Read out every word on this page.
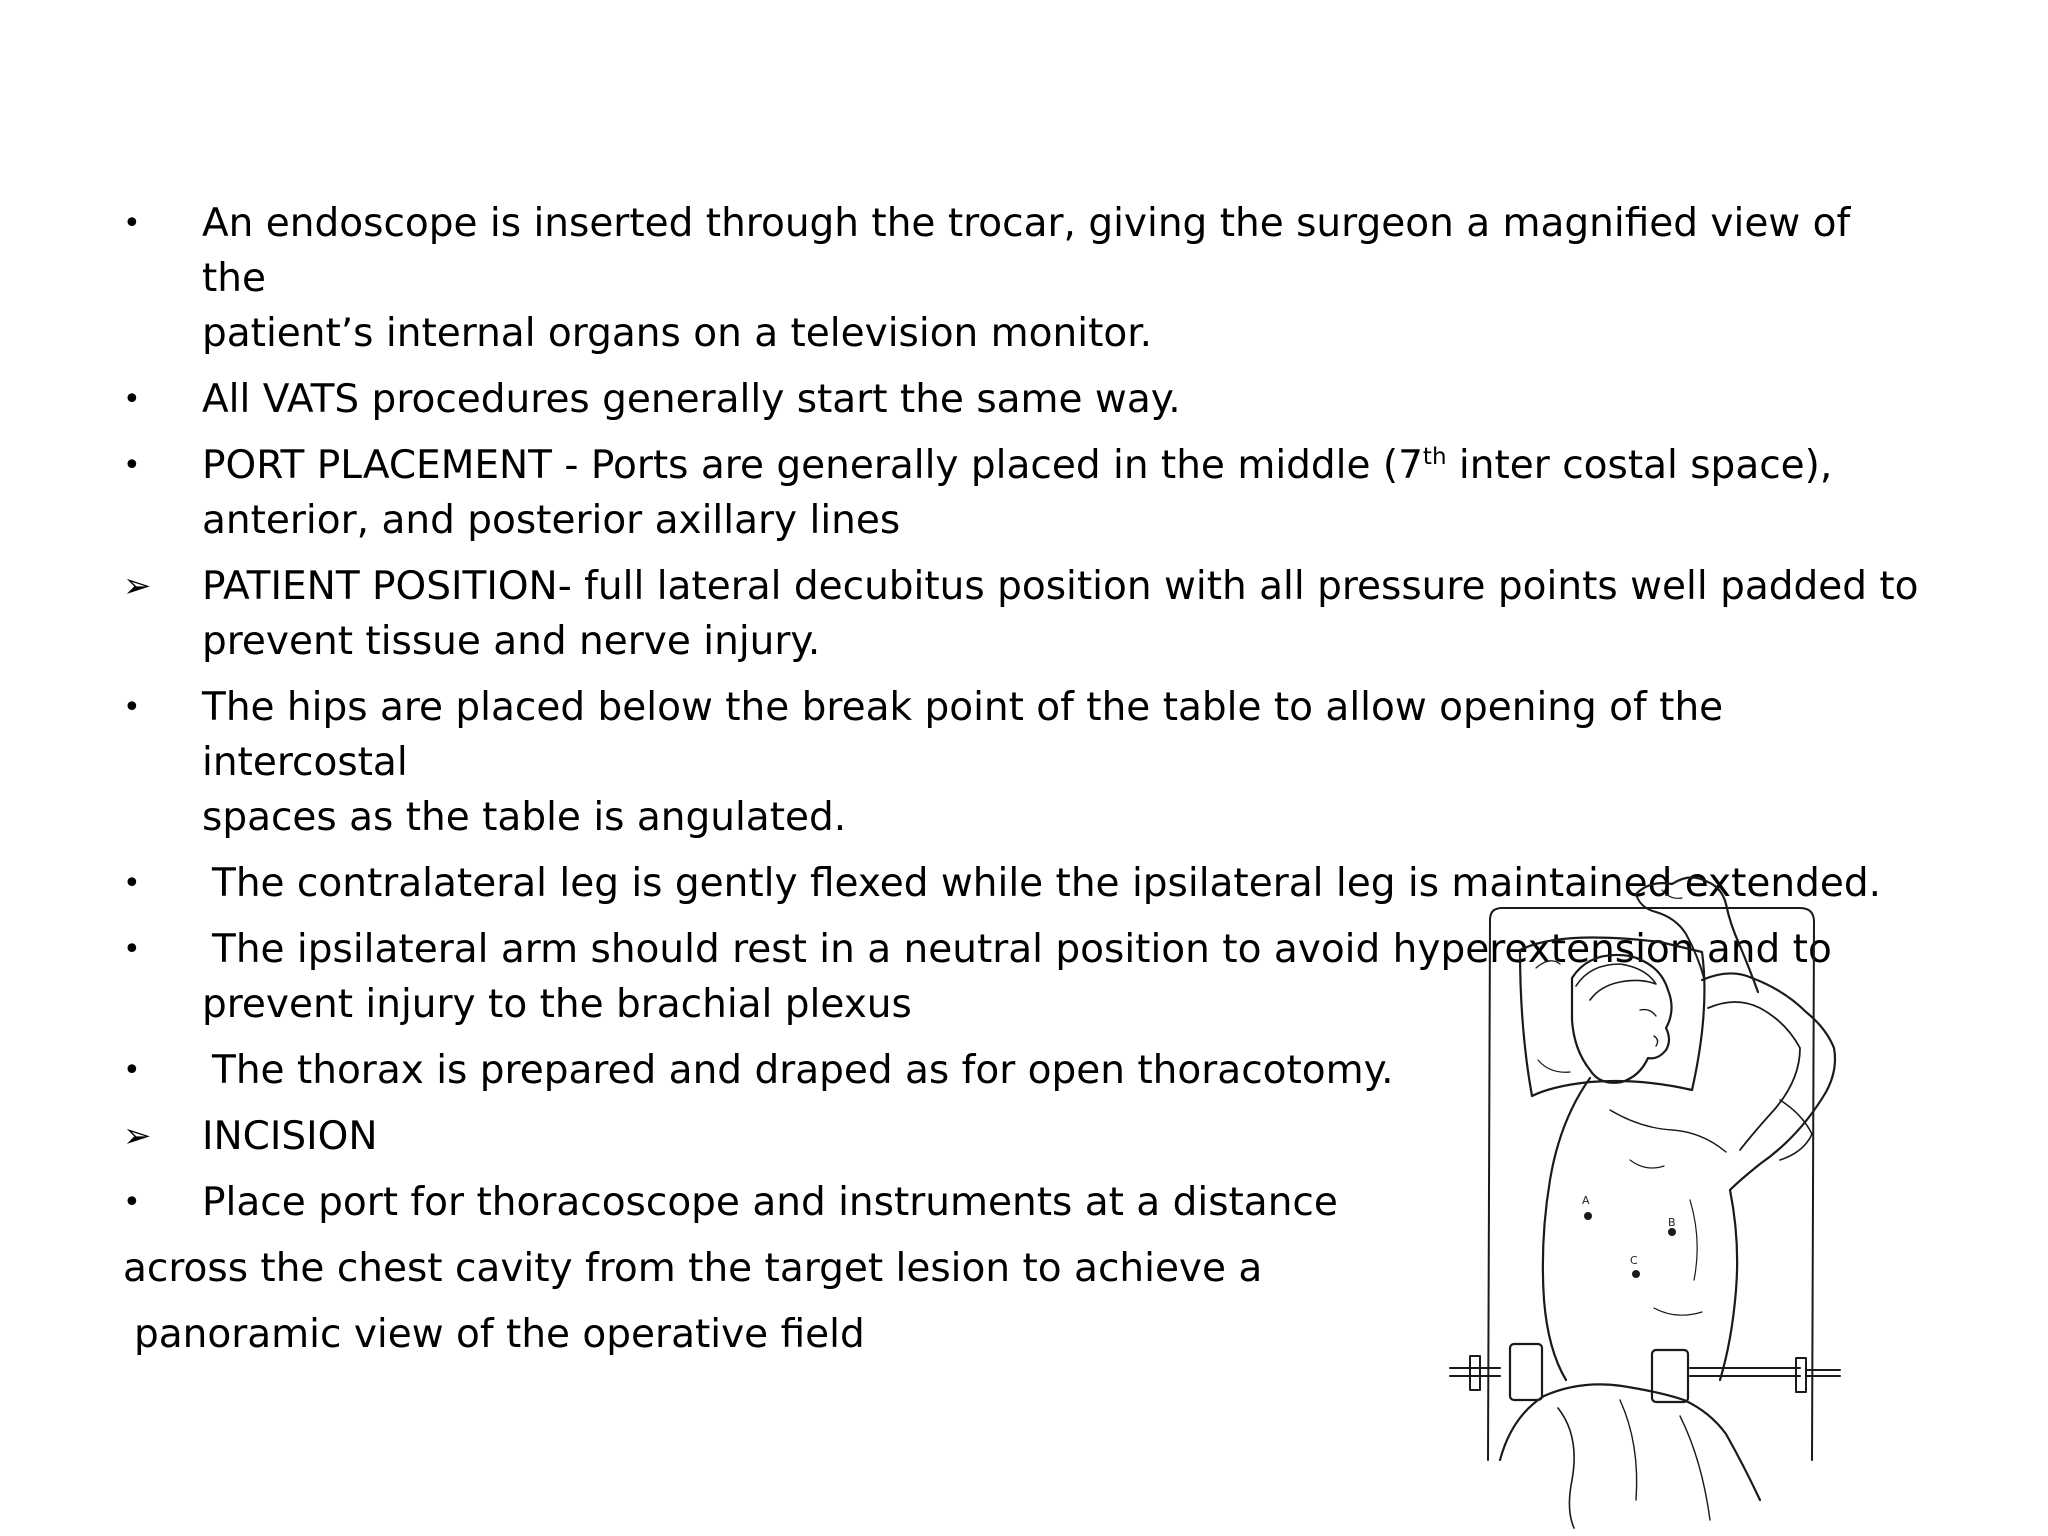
•	An endoscope is inserted through the trocar, giving the surgeon a magnified view of the
patient’s internal organs on a television monitor.
•	All VATS procedures generally start the same way.
•	PORT PLACEMENT - Ports are generally placed in the middle (7th inter costal space),
anterior, and posterior axillary lines
➢ PATIENT POSITION- full lateral decubitus position with all pressure points well padded to
prevent tissue and nerve injury.
•	The hips are placed below the break point of the table to allow opening of the intercostal
spaces as the table is angulated.
•	The contralateral leg is gently flexed while the ipsilateral leg is maintained extended.
•	The ipsilateral arm should rest in a neutral position to avoid hyperextension and to
prevent injury to the brachial plexus
•	The thorax is prepared and draped as for open thoracotomy.
➢ INCISION
•	Place port for thoracoscope and instruments at a distance
across the chest cavity from the target lesion to achieve a
panoramic view of the operative field
A
B
C
